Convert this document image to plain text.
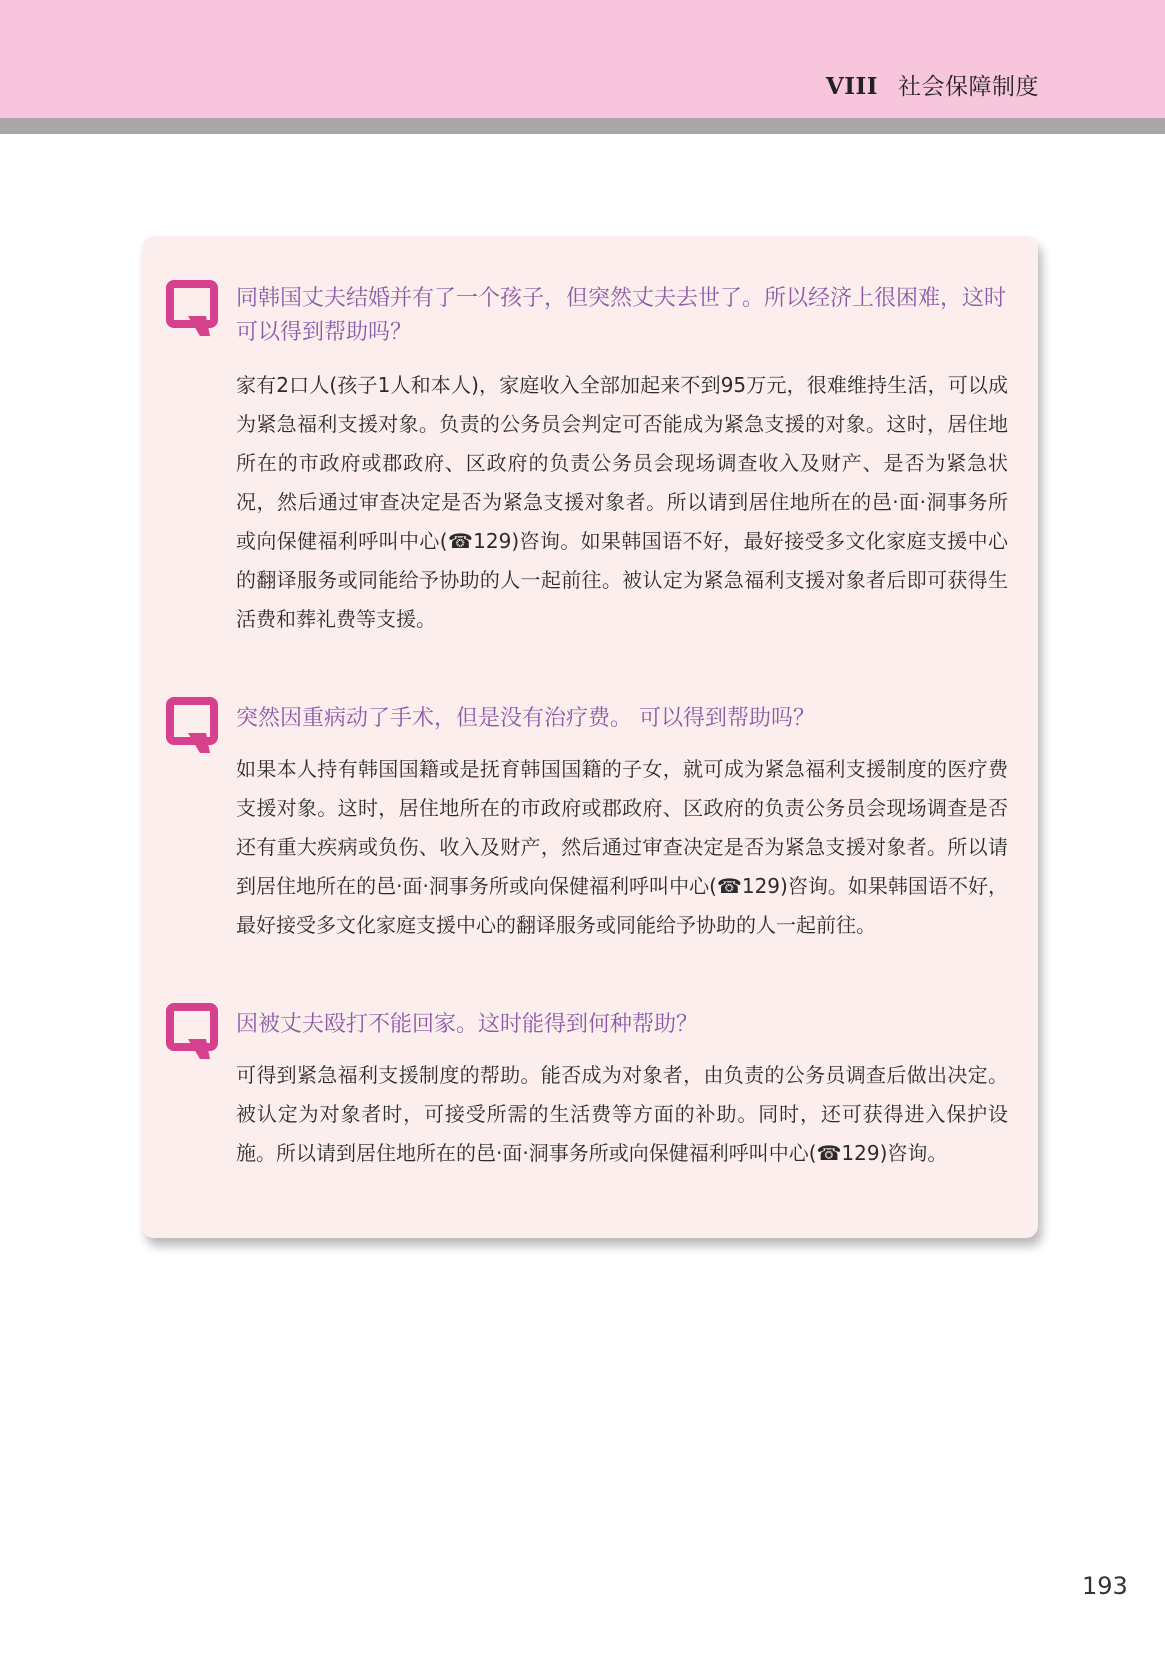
VIII 社会保障制度
同韩国丈夫结婚并有了一个孩子，但突然丈夫去世了。所以经济上很困难，这时可以得到帮助吗？
家有2口人(孩子1人和本人)，家庭收入全部加起来不到95万元，很难维持生活，可以成为紧急福利支援对象。负责的公务员会判定可否能成为紧急支援的对象。这时，居住地所在的市政府或郡政府、区政府的负责公务员会现场调查收入及财产、是否为紧急状况，然后通过审查决定是否为紧急支援对象者。所以请到居住地所在的邑·面·洞事务所或向保健福利呼叫中心(☎129)咨询。如果韩国语不好，最好接受多文化家庭支援中心的翻译服务或同能给予协助的人一起前往。被认定为紧急福利支援对象者后即可获得生活费和葬礼费等支援。
突然因重病动了手术，但是没有治疗费。 可以得到帮助吗？
如果本人持有韩国国籍或是抚育韩国国籍的子女，就可成为紧急福利支援制度的医疗费支援对象。这时，居住地所在的市政府或郡政府、区政府的负责公务员会现场调查是否还有重大疾病或负伤、收入及财产，然后通过审查决定是否为紧急支援对象者。所以请到居住地所在的邑·面·洞事务所或向保健福利呼叫中心(☎129)咨询。如果韩国语不好，最好接受多文化家庭支援中心的翻译服务或同能给予协助的人一起前往。
因被丈夫殴打不能回家。这时能得到何种帮助？
可得到紧急福利支援制度的帮助。能否成为对象者，由负责的公务员调查后做出决定。被认定为对象者时，可接受所需的生活费等方面的补助。同时，还可获得进入保护设施。所以请到居住地所在的邑·面·洞事务所或向保健福利呼叫中心(☎129)咨询。
193
